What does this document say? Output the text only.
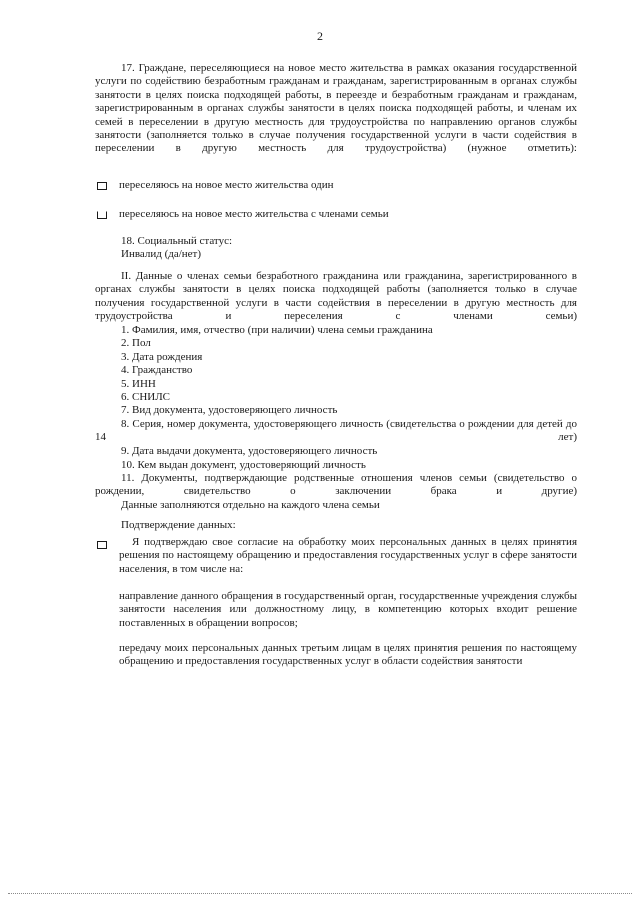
2
17. Граждане, переселяющиеся на новое место жительства в рамках оказания государственной услуги по содействию безработным гражданам и гражданам, зарегистрированным в органах службы занятости в целях поиска подходящей работы, в переезде и безработным гражданам и гражданам, зарегистрированным в органах службы занятости в целях поиска подходящей работы, и членам их семей в переселении в другую местность для трудоустройства по направлению органов службы занятости (заполняется только в случае получения государственной услуги в части содействия в переселении в другую местность для трудоустройства) (нужное отметить):
переселяюсь на новое место жительства один
переселяюсь на новое место жительства с членами семьи
18. Социальный статус:
Инвалид (да/нет)
II. Данные о членах семьи безработного гражданина или гражданина, зарегистрированного в органах службы занятости в целях поиска подходящей работы (заполняется только в случае получения государственной услуги в части содействия в переселении в другую местность для трудоустройства и переселения с членами семьи)
1. Фамилия, имя, отчество (при наличии) члена семьи гражданина
2. Пол
3. Дата рождения
4. Гражданство
5. ИНН
6. СНИЛС
7. Вид документа, удостоверяющего личность
8. Серия, номер документа, удостоверяющего личность (свидетельства о рождении для детей до 14 лет)
9. Дата выдачи документа, удостоверяющего личность
10. Кем выдан документ, удостоверяющий личность
11. Документы, подтверждающие родственные отношения членов семьи (свидетельство о рождении, свидетельство о заключении брака и другие)
Данные заполняются отдельно на каждого члена семьи
Подтверждение данных:
Я подтверждаю свое согласие на обработку моих персональных данных в целях принятия решения по настоящему обращению и предоставления государственных услуг в сфере занятости населения, в том числе на:
направление данного обращения в государственный орган, государственные учреждения службы занятости населения или должностному лицу, в компетенцию которых входит решение поставленных в обращении вопросов;
передачу моих персональных данных третьим лицам в целях принятия решения по настоящему обращению и предоставления государственных услуг в области содействия занятости
